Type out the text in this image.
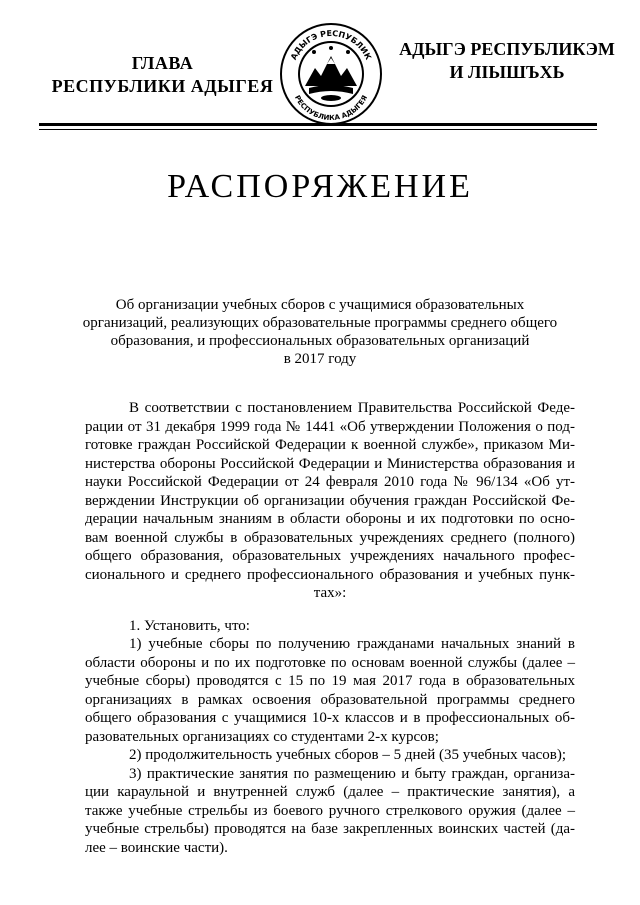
ГЛАВА
РЕСПУБЛИКИ АДЫГЕЯ
АДЫГЭ РЕСПУБЛИК
РЕСПУБЛИКА АДЫГЕЯ
АДЫГЭ РЕСПУБЛИКЭМ
И ЛІЫШЪХЬ
РАСПОРЯЖЕНИЕ
Об организации учебных сборов с учащимися образовательных
организаций, реализующих образовательные программы среднего общего
образования, и профессиональных образовательных организаций
в 2017 году
В соответствии с постановлением Правительства Российской Феде-
рации от 31 декабря 1999 года № 1441 «Об утверждении Положения о под-
готовке граждан Российской Федерации к военной службе», приказом Ми-
нистерства обороны Российской Федерации и Министерства образования и
науки Российской Федерации от 24 февраля 2010 года № 96/134 «Об ут-
верждении Инструкции об организации обучения граждан Российской Фе-
дерации начальным знаниям в области обороны и их подготовки по осно-
вам военной службы в образовательных учреждениях среднего (полного)
общего образования, образовательных учреждениях начального профес-
сионального и среднего профессионального образования и учебных пунк-
тах»:
1. Установить, что:
1) учебные сборы по получению гражданами начальных знаний в
области обороны и по их подготовке по основам военной службы (далее –
учебные сборы) проводятся с 15 по 19 мая 2017 года в образовательных
организациях в рамках освоения образовательной программы среднего
общего образования с учащимися 10-х классов и в профессиональных об-
разовательных организациях со студентами 2-х курсов;
2) продолжительность учебных сборов – 5 дней (35 учебных часов);
3) практические занятия по размещению и быту граждан, организа-
ции караульной и внутренней служб (далее – практические занятия), а
также учебные стрельбы из боевого ручного стрелкового оружия (далее –
учебные стрельбы) проводятся на базе закрепленных воинских частей (да-
лее – воинские части).
